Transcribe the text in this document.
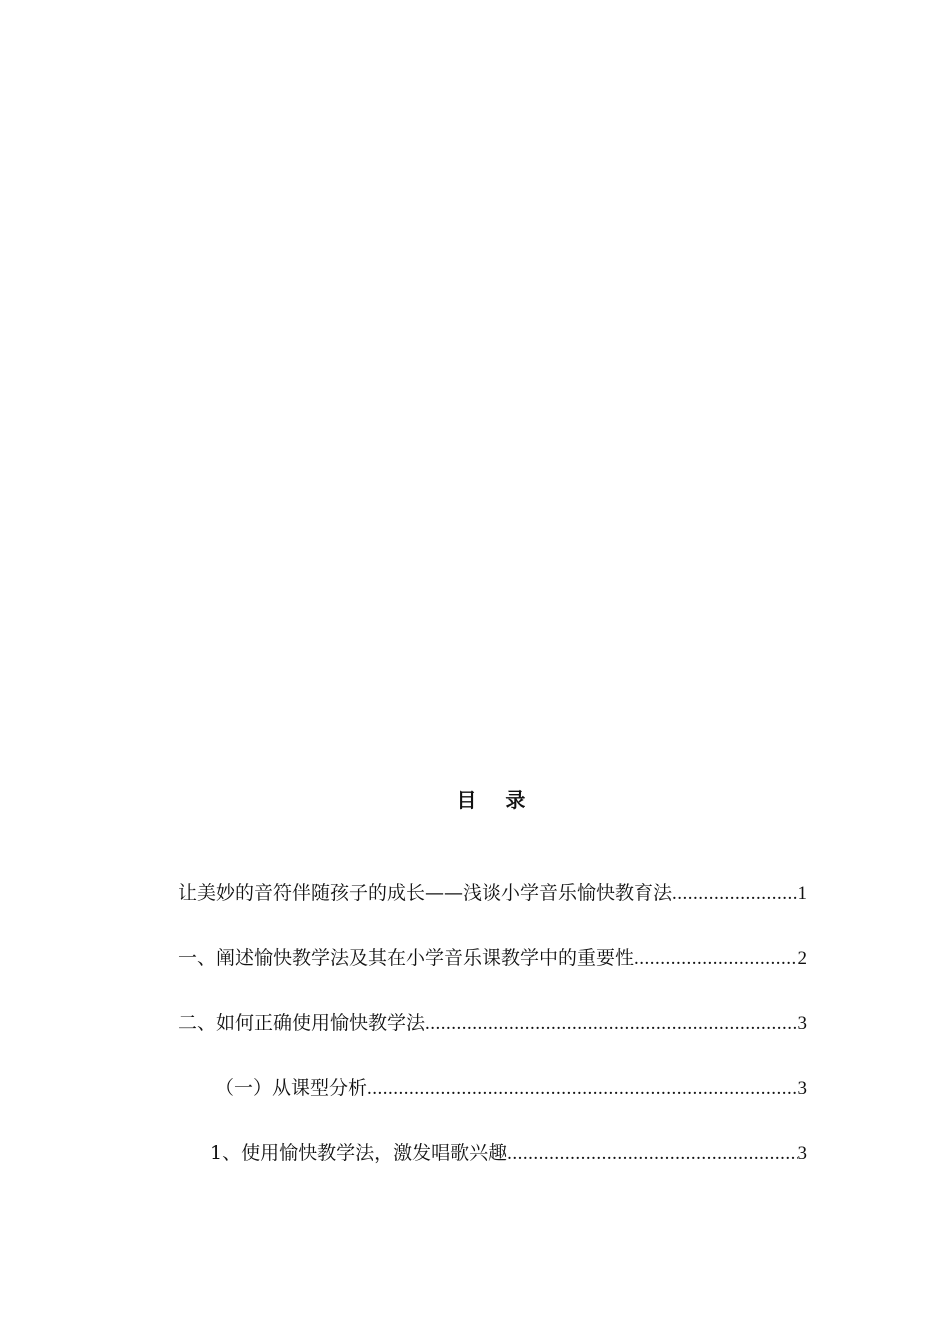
目   录
让美妙的音符伴随孩子的成长——浅谈小学音乐愉快教育法 .....	1
一、阐述愉快教学法及其在小学音乐课教学中的重要性 .....	2
二、如何正确使用愉快教学法 .....	3
（一）从课型分析 .....	3
1、使用愉快教学法，激发唱歌兴趣 .....	3
